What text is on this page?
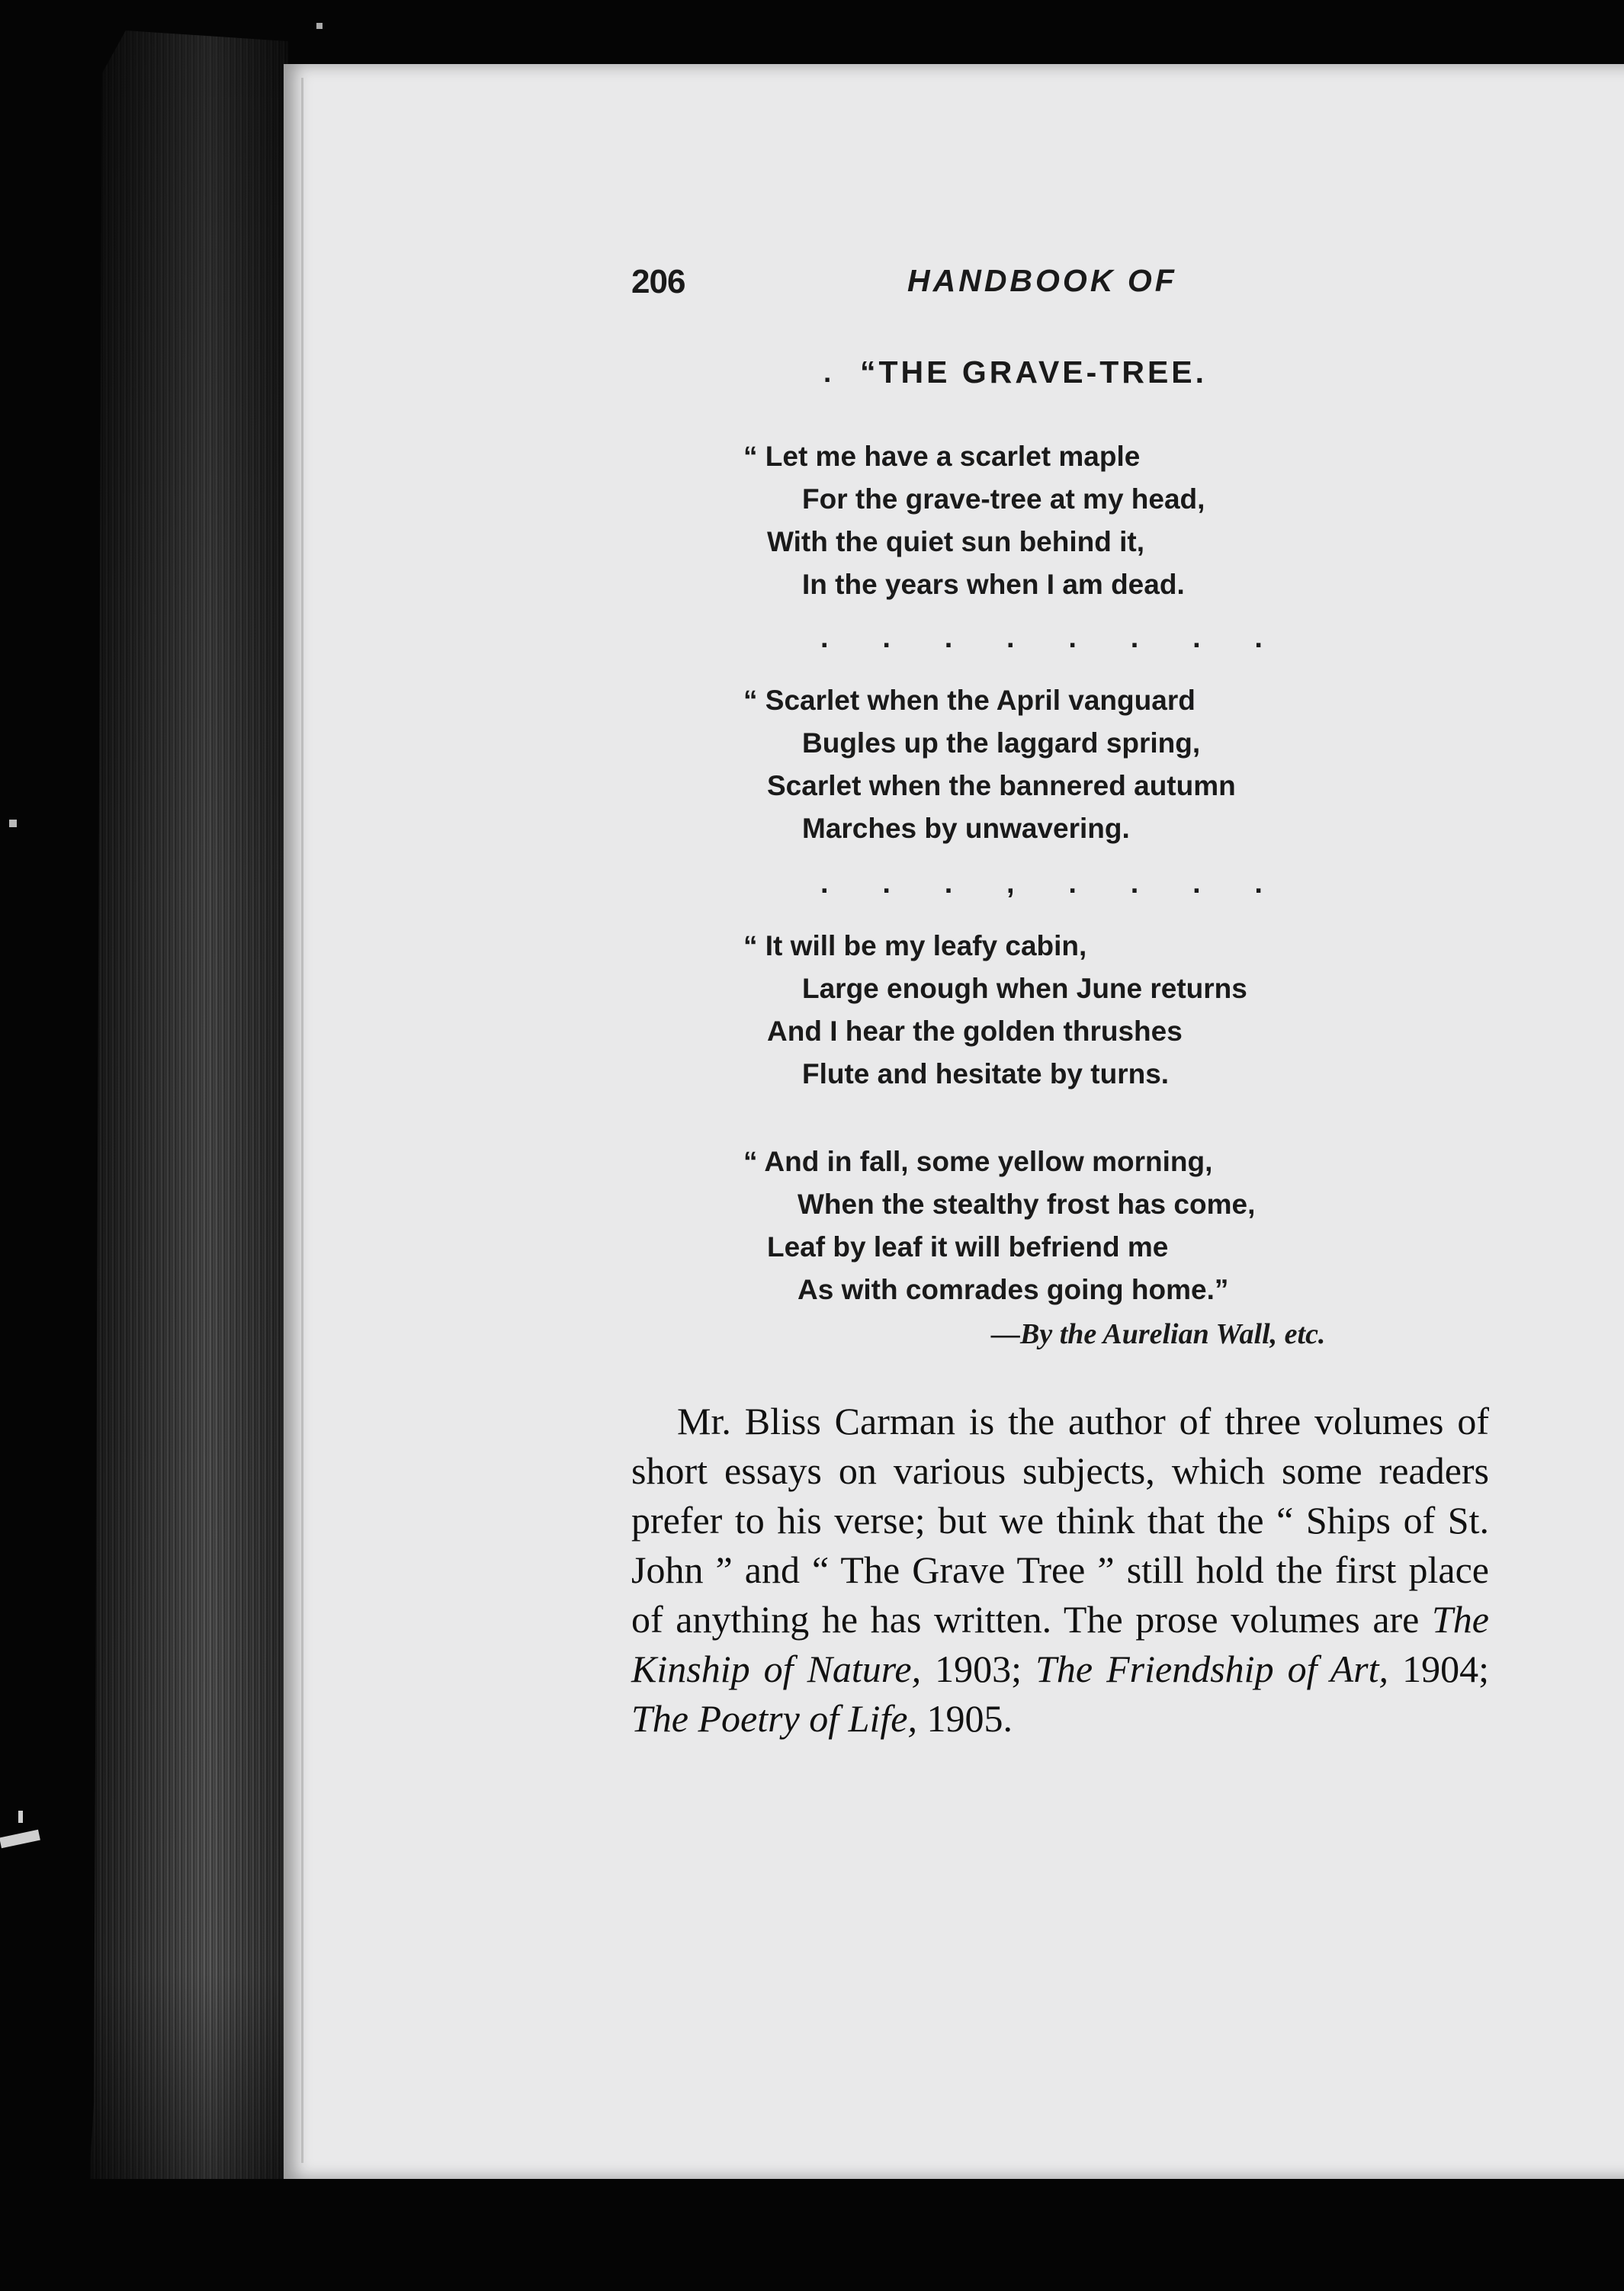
206	HANDBOOK OF
. “THE GRAVE-TREE.
“ Let me have a scarlet maple
For the grave-tree at my head,
With the quiet sun behind it,
In the years when I am dead.
. . . . . . . .
“ Scarlet when the April vanguard
Bugles up the laggard spring,
Scarlet when the bannered autumn
Marches by unwavering.
. . . , . . . .
“ It will be my leafy cabin,
Large enough when June returns
And I hear the golden thrushes
Flute and hesitate by turns.
“ And in fall, some yellow morning,
When the stealthy frost has come,
Leaf by leaf it will befriend me
As with comrades going home.”
—By the Aurelian Wall, etc.
Mr. Bliss Carman is the author of three volumes of short essays on various subjects, which some readers prefer to his verse; but we think that the “ Ships of St. John ” and “ The Grave Tree ” still hold the first place of anything he has written. The prose volumes are The Kinship of Nature, 1903; The Friendship of Art, 1904; The Poetry of Life, 1905.
